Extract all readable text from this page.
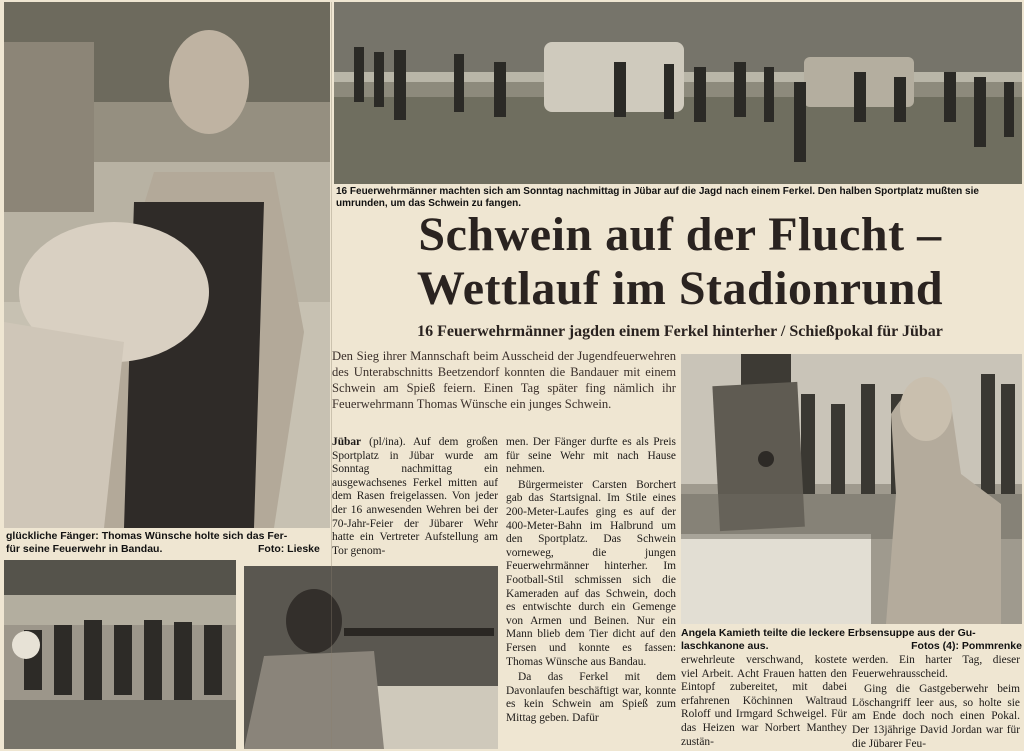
16 Feuerwehrmänner machten sich am Sonntag nachmittag in Jübar auf die Jagd nach einem Ferkel. Den halben Sportplatz mußten sie umrunden, um das Schwein zu fangen.
glückliche Fänger: Thomas Wünsche holte sich das Fer-
für seine Feuerwehr in Bandau.	Foto: Lieske
Angela Kamieth teilte die leckere Erbsensuppe aus der Gu-
laschkanone aus.	Fotos (4): Pommrenke
Schwein auf der Flucht –
Wettlauf im Stadionrund
16 Feuerwehrmänner jagden einem Ferkel hinterher / Schießpokal für Jübar
Den Sieg ihrer Mannschaft beim Ausscheid der Jugendfeuerwehren des Unterabschnitts Beetzendorf konnten die Bandauer mit einem Schwein am Spieß feiern. Einen Tag später fing nämlich ihr Feuerwehrmann Thomas Wünsche ein junges Schwein.
Jübar (pl/ina). Auf dem großen Sportplatz in Jübar wurde am Sonntag nachmittag ein ausgewachsenes Ferkel mitten auf dem Rasen freigelassen. Von jeder der 16 anwesenden Wehren bei der 70-Jahr-Feier der Jübarer Wehr hatte ein Vertreter Aufstellung am Tor genom-

men. Der Fänger durfte es als Preis für seine Wehr mit nach Hause nehmen.

Bürgermeister Carsten Borchert gab das Startsignal. Im Stile eines 200-Meter-Laufes ging es auf der 400-Meter-Bahn im Halbrund um den Sportplatz. Das Schwein vorneweg, die jungen Feuerwehrmänner hinterher. Im Football-Stil schmissen sich die Kameraden auf das Schwein, doch es entwischte durch ein Gemenge von Armen und Beinen. Nur ein Mann blieb dem Tier dicht auf den Fersen und konnte es fassen: Thomas Wünsche aus Bandau.

Da das Ferkel mit dem Davonlaufen beschäftigt war, konnte es kein Schwein am Spieß zum Mittag geben. Dafür

erwehrleute verschwand, kostete viel Arbeit. Acht Frauen hatten den Eintopf zubereitet, mit dabei erfahrenen Köchinnen Waltraud Roloff und Irmgard Schweigel. Für das Heizen war Norbert Manthey zustän-

werden. Ein harter Tag, dieser Feuerwehrausscheid.

Ging die Gastgeberwehr beim Löschangriff leer aus, so holte sie am Ende doch noch einen Pokal. Der 13jährige David Jordan war für die Jübarer Feu-
